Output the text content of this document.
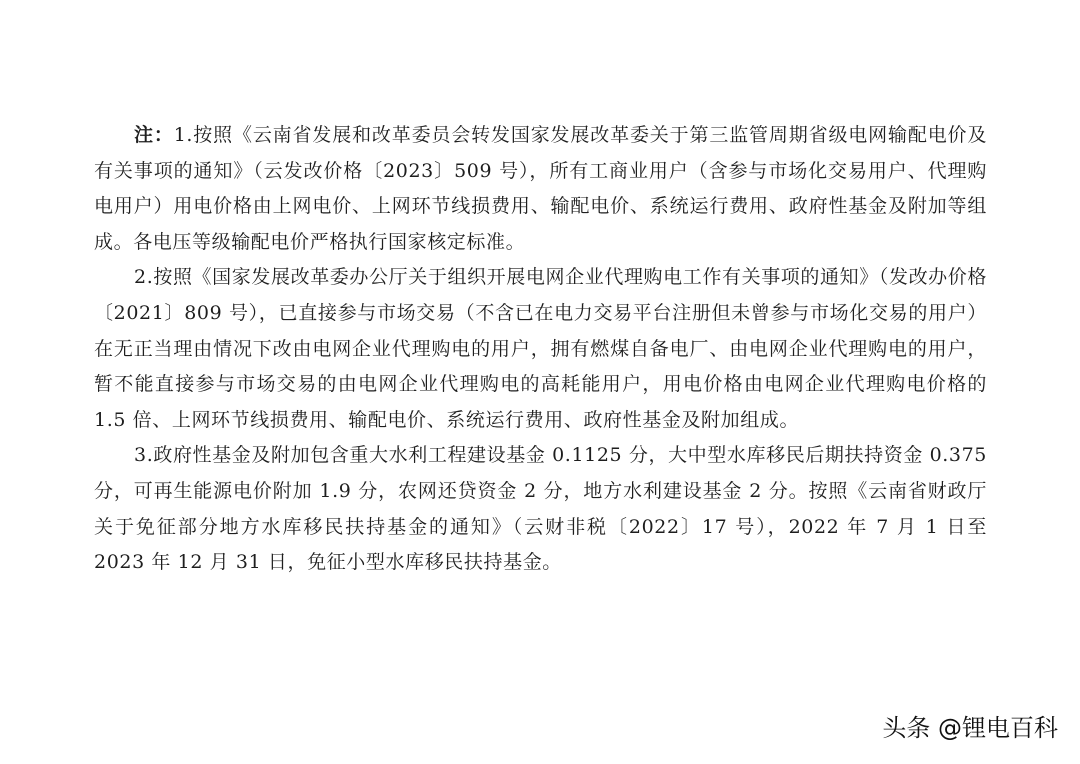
注：1.按照《云南省发展和改革委员会转发国家发展改革委关于第三监管周期省级电网输配电价及有关事项的通知》（云发改价格〔2023〕509 号），所有工商业用户（含参与市场化交易用户、代理购电用户）用电价格由上网电价、上网环节线损费用、输配电价、系统运行费用、政府性基金及附加等组成。各电压等级输配电价严格执行国家核定标准。

2.按照《国家发展改革委办公厅关于组织开展电网企业代理购电工作有关事项的通知》（发改办价格〔2021〕809 号），已直接参与市场交易（不含已在电力交易平台注册但未曾参与市场化交易的用户）在无正当理由情况下改由电网企业代理购电的用户，拥有燃煤自备电厂、由电网企业代理购电的用户，暂不能直接参与市场交易的由电网企业代理购电的高耗能用户，用电价格由电网企业代理购电价格的 1.5 倍、上网环节线损费用、输配电价、系统运行费用、政府性基金及附加组成。

3.政府性基金及附加包含重大水利工程建设基金 0.1125 分，大中型水库移民后期扶持资金 0.375 分，可再生能源电价附加 1.9 分，农网还贷资金 2 分，地方水利建设基金 2 分。按照《云南省财政厅关于免征部分地方水库移民扶持基金的通知》（云财非税〔2022〕17 号），2022 年 7 月 1 日至 2023 年 12 月 31 日，免征小型水库移民扶持基金。

头条 @锂电百科
